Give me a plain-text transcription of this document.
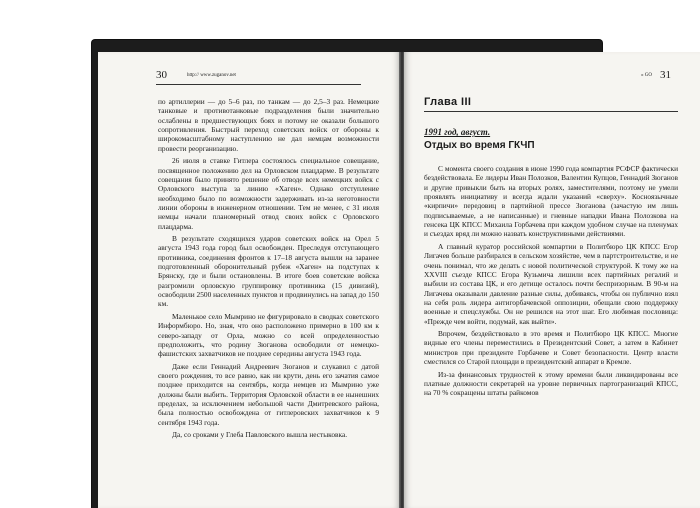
30	$^{http:// www.zuganov.net}$

по артиллерии — до 5–6 раз, по танкам — до 2,5–3 раз. Немецкие танковые и противотанковые подразделения были значительно ослаблены в предшествующих боях и потому не оказали большого сопротивления. Быстрый переход советских войск от обороны к широкомасштабному наступлению не дал немцам возможности провести реорганизацию.

26 июля в ставке Гитлера состоялось специальное совещание, посвященное положению дел на Орловском плацдарме. В результате совещания было принято решение об отводе всех немецких войск с Орловского выступа за линию «Хаген». Однако отступление необходимо было по возможности задерживать из-за неготовности линии обороны в инженерном отношении. Тем не менее, с 31 июля немцы начали планомерный отвод своих войск с Орловского плацдарма.

В результате сходящихся ударов советских войск на Орел 5 августа 1943 года город был освобожден. Преследуя отступающего противника, соединения фронтов к 17–18 августа вышли на заранее подготовленный оборонительный рубеж «Хаген» на подступах к Брянску, где и были остановлены. В итоге боев советские войска разгромили орловскую группировку противника (15 дивизий), освободили 2500 населенных пунктов и продвинулись на запад до 150 км.

Маленькое село Мымрино не фигурировало в сводках советского Информбюро. Но, зная, что оно расположено примерно в 100 км к северо-западу от Орла, можно со всей определенностью предположить, что родину Зюганова освободили от немецко-фашистских захватчиков не позднее середины августа 1943 года.

Даже если Геннадий Андреевич Зюганов и слукавил с датой своего рождения, то все равно, как ни крути, день его зачатия самое позднее приходится на сентябрь, когда немцев из Мымрино уже должны были выбить. Территория Орловской области в ее нынешних пределах, за исключением небольшой части Дмитревского района, была полностью освобождена от гитлеровских захватчиков к 9 сентября 1943 года.

Да, со сроками у Глеба Павловского вышла нестыковка.

$^{« GO}$ 31
Глава III
1991 год, август.
Отдых во время ГКЧП

С момента своего создания в июне 1990 года компартия РСФСР фактически бездействовала. Ее лидеры Иван Полозков, Валентин Купцов, Геннадий Зюганов и другие привыкли быть на вторых ролях, заместителями, поэтому не умели проявлять инициативу и всегда ждали указаний «сверху». Косноязычные «кирпичи» передовиц в партийной прессе Зюганова (зачастую им лишь подписываемые, а не написанные) и гневные нападки Ивана Полозкова на генсека ЦК КПСС Михаила Горбачева при каждом удобном случае на пленумах и съездах вряд ли можно назвать конструктивными действиями.

А главный куратор российской компартии в Политбюро ЦК КПСС Егор Лигачев больше разбирался в сельском хозяйстве, чем в партстроительстве, и не очень понимал, что же делать с новой политической структурой. К тому же на XXVIII съезде КПСС Егора Кузьмича лишили всех партийных регалий и выбили из состава ЦК, и его детище осталось почти беспризорным. В 90-м на Лигачева оказывали давление разные силы, добиваясь, чтобы он публично взял на себя роль лидера антигорбачевской оппозиции, обещали свою поддержку военные и спецслужбы. Он не решился на этот шаг. Его любимая пословица: «Прежде чем войти, подумай, как выйти».

Впрочем, бездействовало в это время и Политбюро ЦК КПСС. Многие видные его члены переместились в Президентский Совет, а затем в Кабинет министров при президенте Горбачеве и Совет безопасности. Центр власти сместился со Старой площади в президентский аппарат в Кремле.

Из-за финансовых трудностей к этому времени были ликвидированы все платные должности секретарей на уровне первичных партогранизаций КПСС, на 70 % сокращены штаты райкомов
